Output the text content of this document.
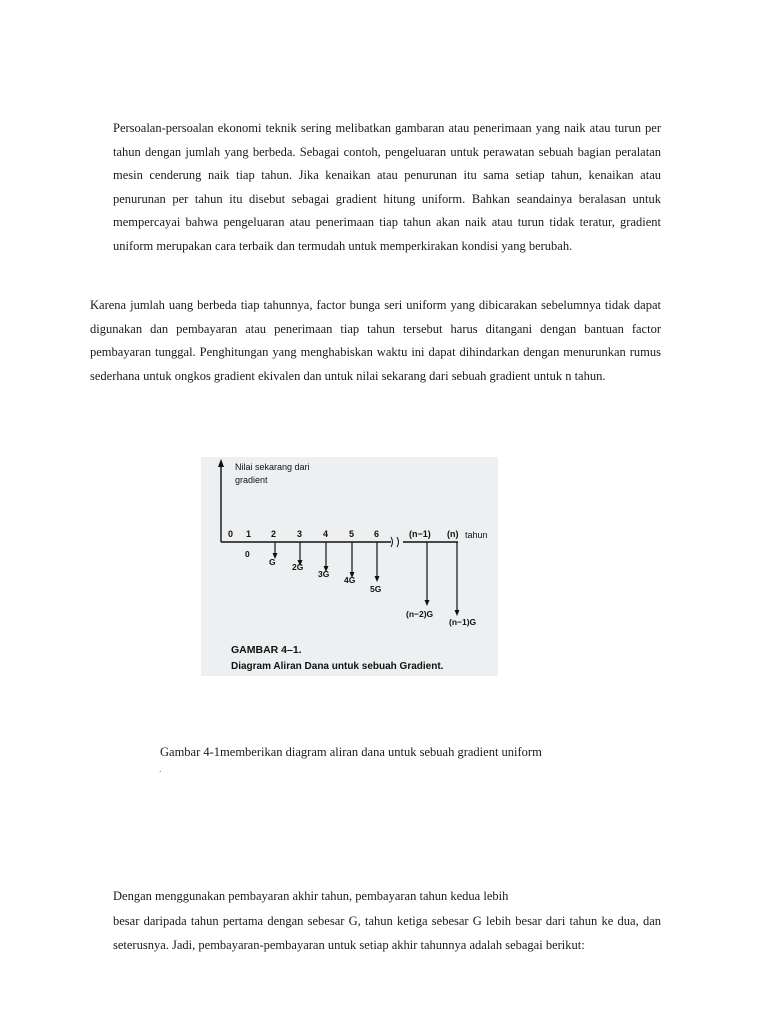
Persoalan-persoalan ekonomi teknik sering melibatkan gambaran atau penerimaan yang naik atau turun per tahun dengan jumlah yang berbeda. Sebagai contoh, pengeluaran untuk perawatan sebuah bagian peralatan mesin cenderung naik tiap tahun. Jika kenaikan atau penurunan itu sama setiap tahun, kenaikan atau penurunan per tahun itu disebut sebagai gradient hitung uniform. Bahkan seandainya beralasan untuk mempercayai bahwa pengeluaran atau penerimaan tiap tahun akan naik atau turun tidak teratur, gradient uniform merupakan cara terbaik dan termudah untuk memperkirakan kondisi yang berubah.

Karena jumlah uang berbeda tiap tahunnya, factor bunga seri uniform yang dibicarakan sebelumnya tidak dapat digunakan dan pembayaran atau penerimaan tiap tahun tersebut harus ditangani dengan bantuan factor pembayaran tunggal. Penghitungan yang menghabiskan waktu ini dapat dihindarkan dengan menurunkan rumus sederhana untuk ongkos gradient ekivalen dan untuk nilai sekarang dari sebuah gradient untuk n tahun.

Nilai sekarang dari
gradient
0 1 2 3 4 5 6	(n−1) (n) tahun
0
G 2G
3G
4G
5G
(n−2)G
(n−1)G
GAMBAR 4–1.
Diagram Aliran Dana untuk sebuah Gradient.
Gambar 4-1memberikan diagram aliran dana untuk sebuah gradient uniform
.

Dengan menggunakan pembayaran akhir tahun, pembayaran tahun kedua lebih

besar daripada tahun pertama dengan sebesar G, tahun ketiga sebesar G lebih besar dari tahun ke dua, dan seterusnya. Jadi, pembayaran-pembayaran untuk setiap akhir tahunnya adalah sebagai berikut:
